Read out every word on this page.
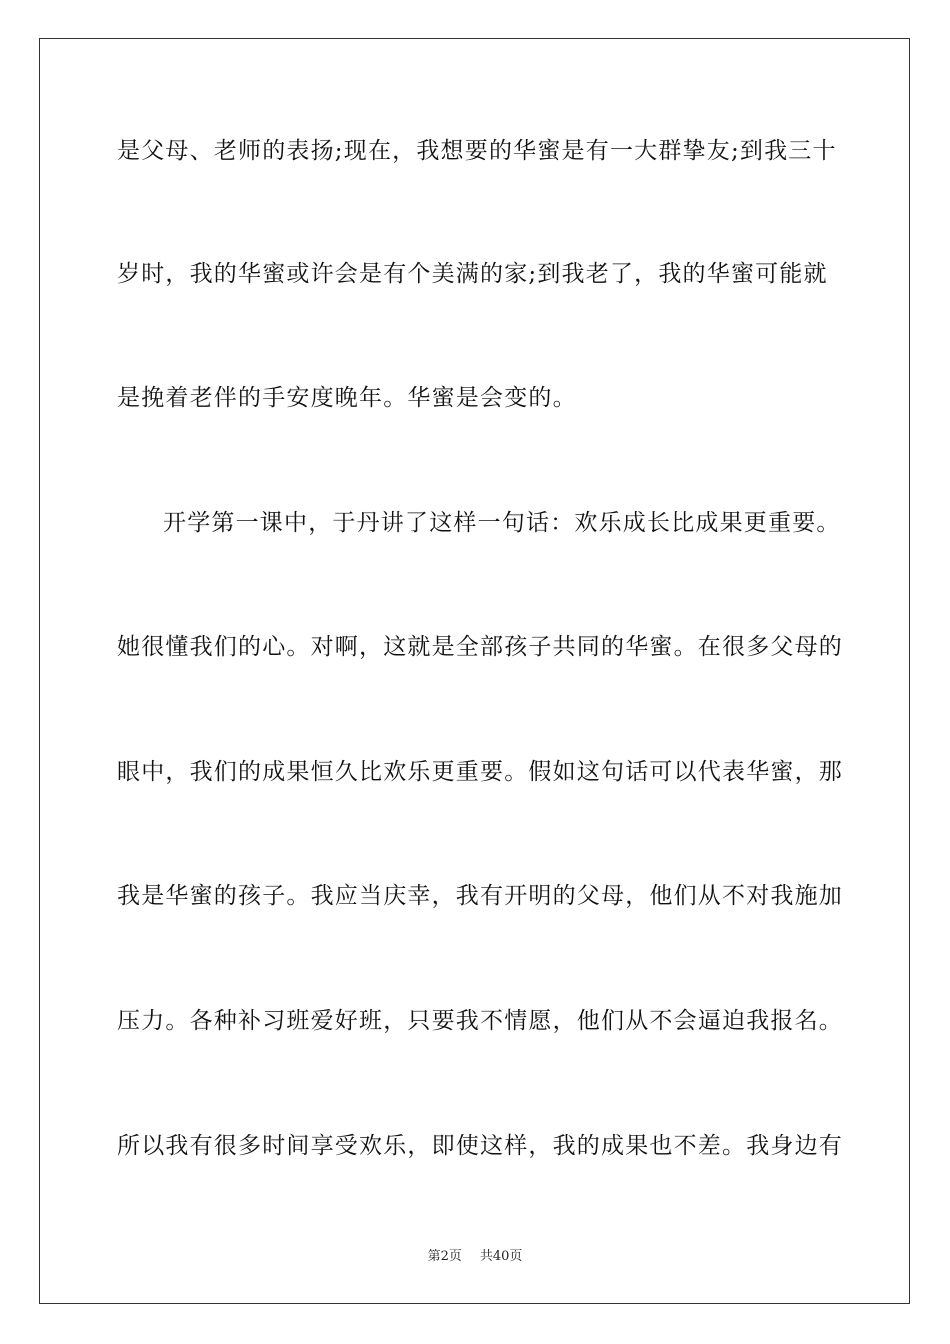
是父母、老师的表扬;现在，我想要的华蜜是有一大群挚友;到我三十
岁时，我的华蜜或许会是有个美满的家;到我老了，我的华蜜可能就
是挽着老伴的手安度晚年。华蜜是会变的。
开学第一课中，于丹讲了这样一句话：欢乐成长比成果更重要。
她很懂我们的心。对啊，这就是全部孩子共同的华蜜。在很多父母的
眼中，我们的成果恒久比欢乐更重要。假如这句话可以代表华蜜，那
我是华蜜的孩子。我应当庆幸，我有开明的父母，他们从不对我施加
压力。各种补习班爱好班，只要我不情愿，他们从不会逼迫我报名。
所以我有很多时间享受欢乐，即使这样，我的成果也不差。我身边有
第2页 共40页
